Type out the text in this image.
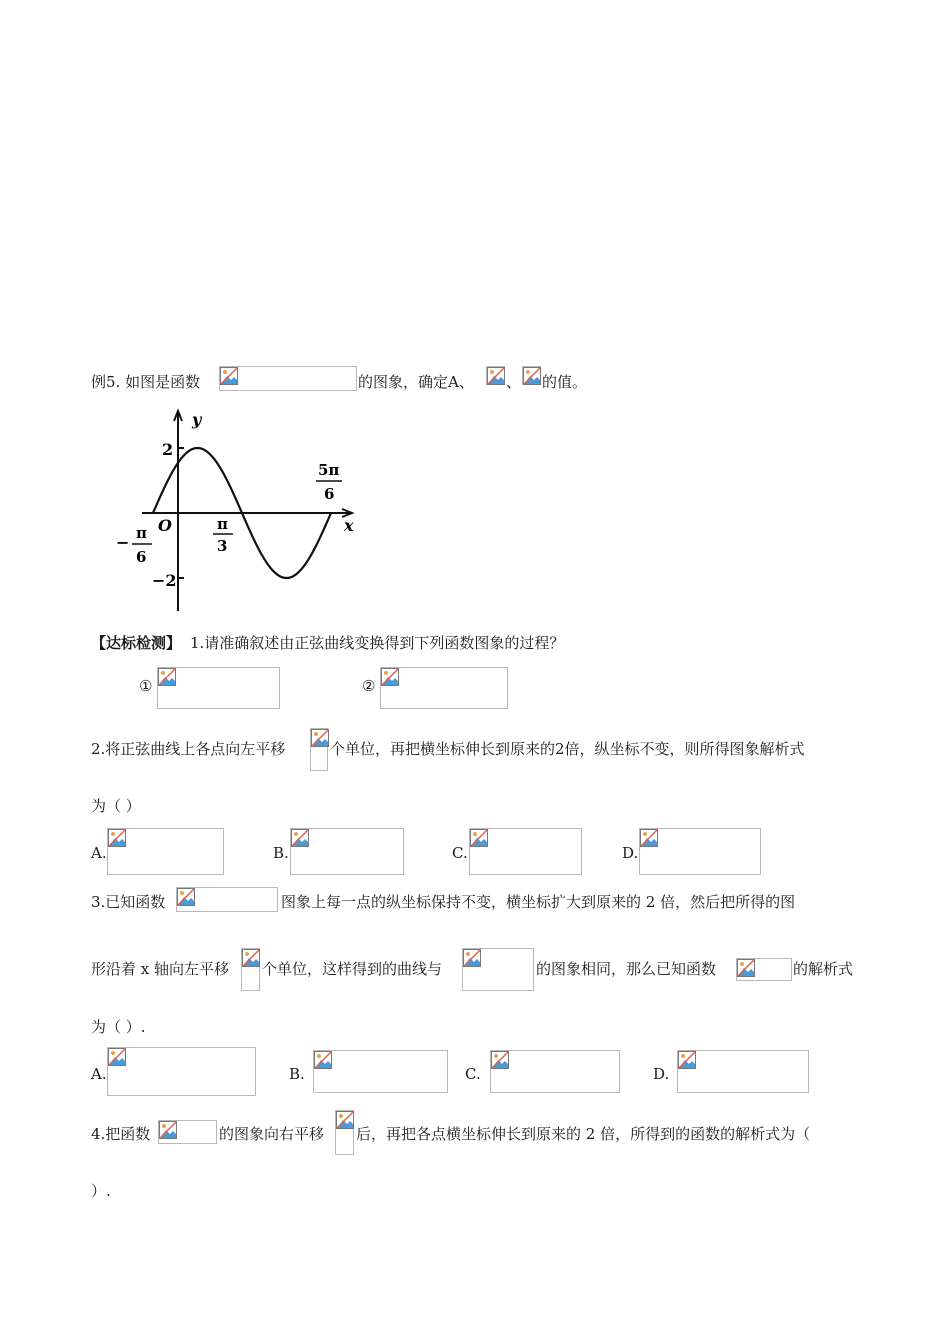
例5. 如图是函数	的图象，确定A、 、 的值。
y
x
O
2
−2
− π
6
π
3
5π
6
【达标检测】 1.请准确叙述由正弦曲线变换得到下列函数图象的过程？
①	②
2.将正弦曲线上各点向左平移	个单位，再把横坐标伸长到原来的2倍，纵坐标不变，则所得图象解析式
为（ ）
A.	B.	C.	D.
3.已知函数	图象上每一点的纵坐标保持不变，横坐标扩大到原来的 2 倍，然后把所得的图
形沿着 x 轴向左平移 个单位，这样得到的曲线与	的图象相同，那么已知函数	的解析式
为（ ）.
A.	B.	C.	D.
4.把函数	的图象向右平移 后，再把各点横坐标伸长到原来的 2 倍，所得到的函数的解析式为（
）.
